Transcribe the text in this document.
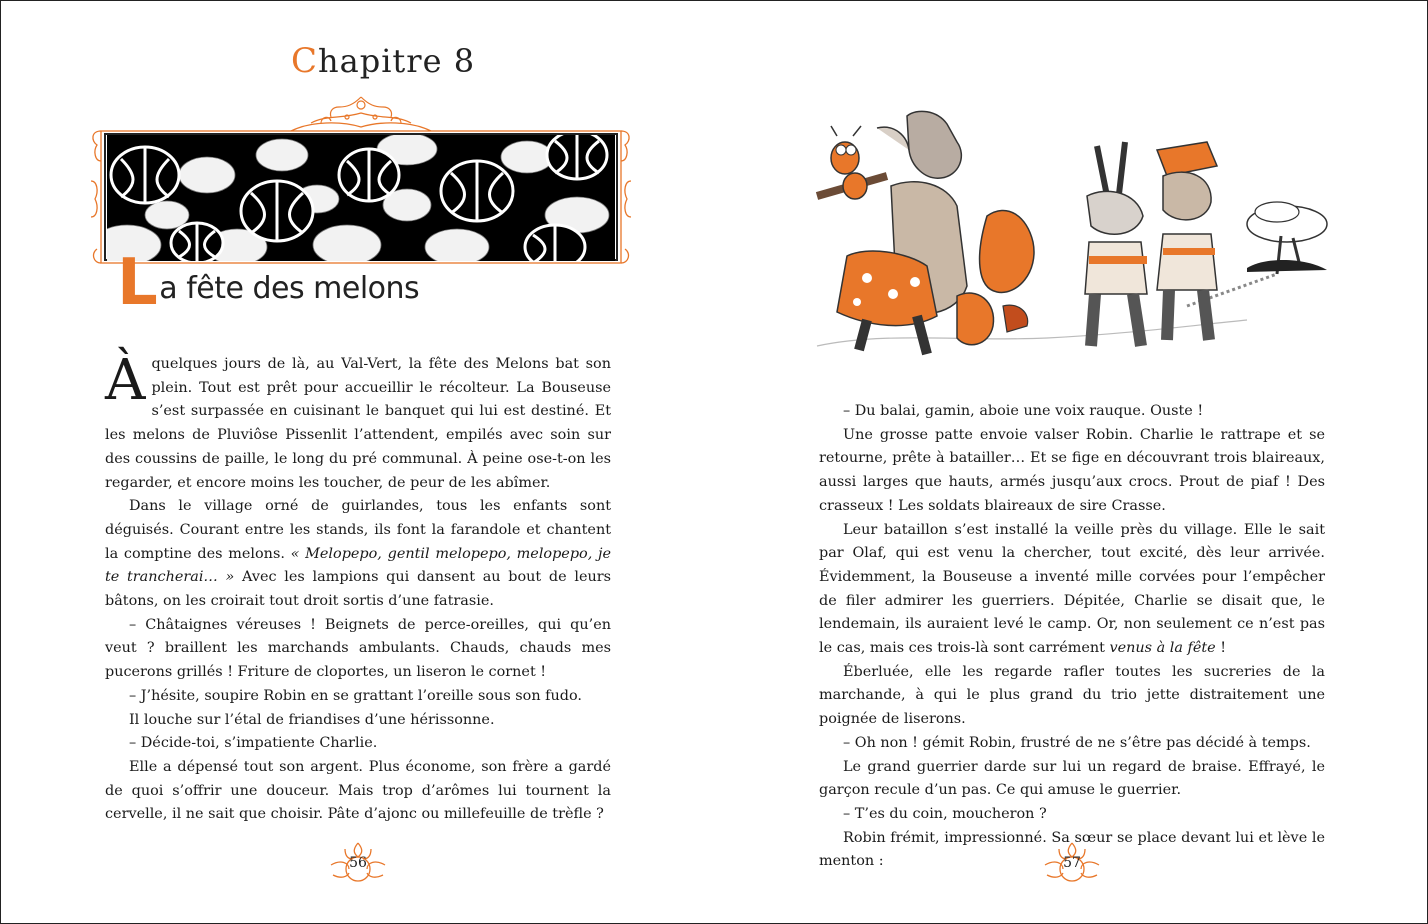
Chapitre 8
La fête des melons

À quelques jours de là, au Val-Vert, la fête des Melons bat son plein. Tout est prêt pour accueillir le récolteur. La Bouseuse s’est surpassée en cuisinant le banquet qui lui est destiné. Et les melons de Pluviôse Pissenlit l’attendent, empilés avec soin sur des coussins de paille, le long du pré communal. À peine ose-t-on les regarder, et encore moins les toucher, de peur de les abîmer.

Dans le village orné de guirlandes, tous les enfants sont déguisés. Courant entre les stands, ils font la farandole et chantent la comptine des melons. « Melopepo, gentil melopepo, melopepo, je te trancherai… » Avec les lampions qui dansent au bout de leurs bâtons, on les croirait tout droit sortis d’une fatrasie.

– Châtaignes véreuses ! Beignets de perce-oreilles, qui qu’en veut ? braillent les marchands ambulants. Chauds, chauds mes pucerons grillés ! Friture de cloportes, un liseron le cornet !

– J’hésite, soupire Robin en se grattant l’oreille sous son fudo.

Il louche sur l’étal de friandises d’une hérissonne.

– Décide-toi, s’impatiente Charlie.

Elle a dépensé tout son argent. Plus économe, son frère a gardé de quoi s’offrir une douceur. Mais trop d’arômes lui tournent la cervelle, il ne sait que choisir. Pâte d’ajonc ou millefeuille de trèfle ?

56

– Du balai, gamin, aboie une voix rauque. Ouste !

Une grosse patte envoie valser Robin. Charlie le rattrape et se retourne, prête à batailler… Et se fige en découvrant trois blaireaux, aussi larges que hauts, armés jusqu’aux crocs. Prout de piaf ! Des crasseux ! Les soldats blaireaux de sire Crasse.

Leur bataillon s’est installé la veille près du village. Elle le sait par Olaf, qui est venu la chercher, tout excité, dès leur arrivée. Évidemment, la Bouseuse a inventé mille corvées pour l’empêcher de filer admirer les guerriers. Dépitée, Charlie se disait que, le lendemain, ils auraient levé le camp. Or, non seulement ce n’est pas le cas, mais ces trois-là sont carrément venus à la fête !

Éberluée, elle les regarde rafler toutes les sucreries de la marchande, à qui le plus grand du trio jette distraitement une poignée de liserons.

– Oh non ! gémit Robin, frustré de ne s’être pas décidé à temps.

Le grand guerrier darde sur lui un regard de braise. Effrayé, le garçon recule d’un pas. Ce qui amuse le guerrier.

– T’es du coin, moucheron ?

Robin frémit, impressionné. Sa sœur se place devant lui et lève le menton :	57
